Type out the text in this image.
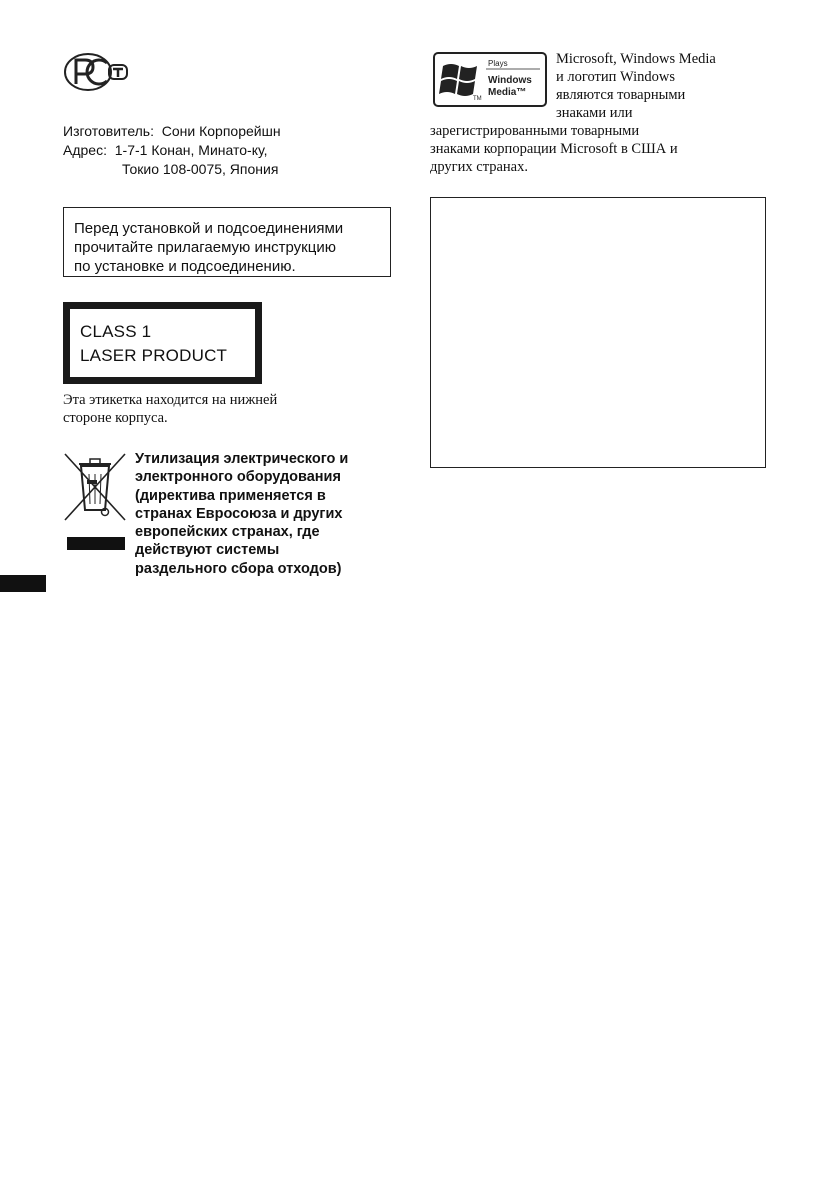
Изготовитель: Сони Корпорейшн
Адрес: 1-7-1 Конан, Минато-ку,
Токио 108-0075, Япония
Перед установкой и подсоединениями
прочитайте прилагаемую инструкцию
по установке и подсоединению.
CLASS 1
LASER PRODUCT
Эта этикетка находится на нижней
стороне корпуса.
Утилизация электрического и
электронного оборудования
(директива применяется в
странах Евросоюза и других
европейских странах, где
действуют системы
раздельного сбора отходов)
TM
Plays
Windows
Media™
Microsoft, Windows Media
и логотип Windows
являются товарными
знаками или
зарегистрированными товарными
знаками корпорации Microsoft в США и
других странах.
